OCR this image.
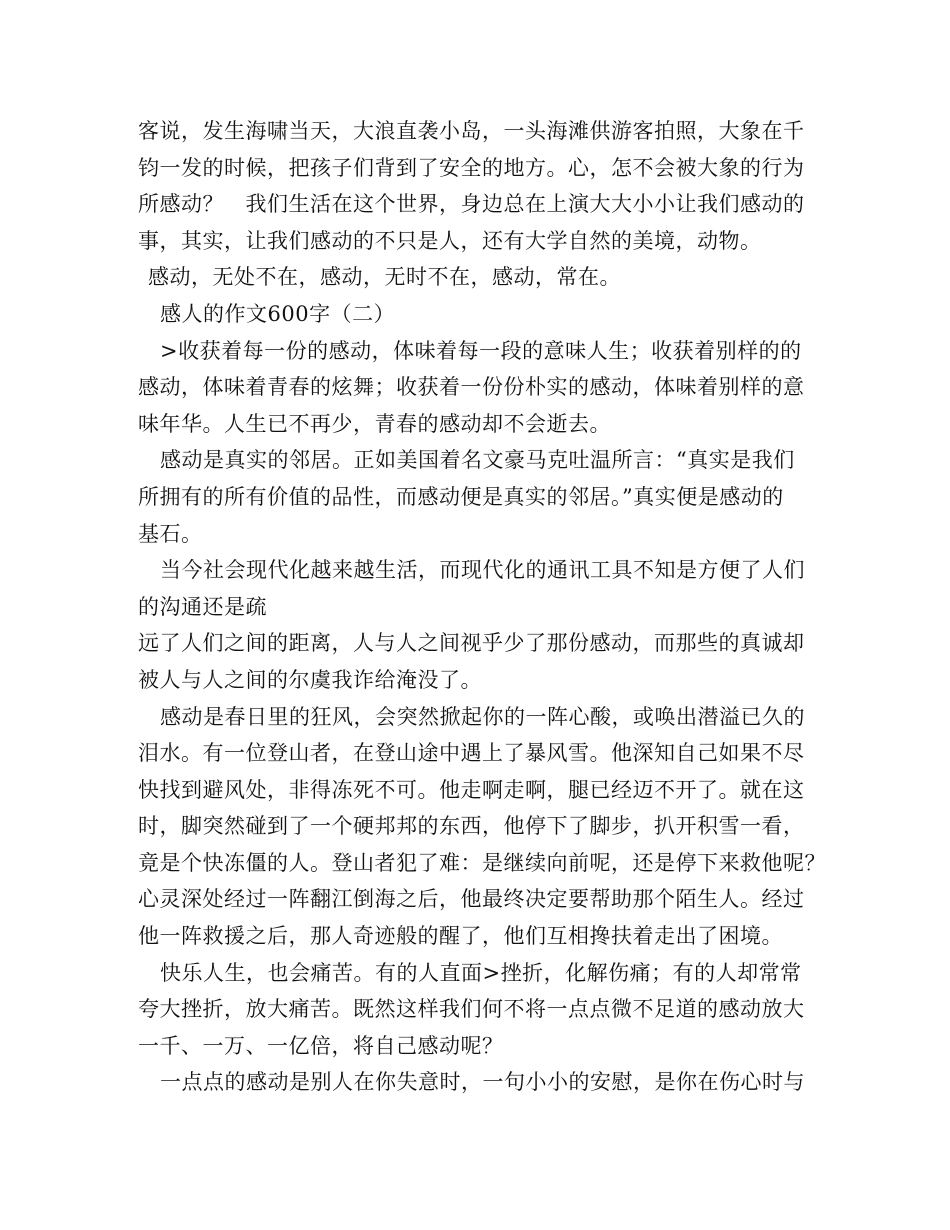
客说，发生海啸当天，大浪直袭小岛，一头海滩供游客拍照，大象在千
钧一发的时候，把孩子们背到了安全的地方。心，怎不会被大象的行为
所感动？　我们生活在这个世界，身边总在上演大大小小让我们感动的
事，其实，让我们感动的不只是人，还有大学自然的美境，动物。
感动，无处不在，感动，无时不在，感动，常在。
感人的作文600字（二）
>收获着每一份的感动，体味着每一段的意味人生；收获着别样的的
感动，体味着青春的炫舞；收获着一份份朴实的感动，体味着别样的意
味年华。人生已不再少，青春的感动却不会逝去。
感动是真实的邻居。正如美国着名文豪马克吐温所言：“真实是我们
所拥有的所有价值的品性，而感动便是真实的邻居。”真实便是感动的
基石。
当今社会现代化越来越生活，而现代化的通讯工具不知是方便了人们
的沟通还是疏
远了人们之间的距离，人与人之间视乎少了那份感动，而那些的真诚却
被人与人之间的尔虞我诈给淹没了。
感动是春日里的狂风，会突然掀起你的一阵心酸，或唤出潜溢已久的
泪水。有一位登山者，在登山途中遇上了暴风雪。他深知自己如果不尽
快找到避风处，非得冻死不可。他走啊走啊，腿已经迈不开了。就在这
时，脚突然碰到了一个硬邦邦的东西，他停下了脚步，扒开积雪一看，
竟是个快冻僵的人。登山者犯了难：是继续向前呢，还是停下来救他呢？
心灵深处经过一阵翻江倒海之后，他最终决定要帮助那个陌生人。经过
他一阵救援之后，那人奇迹般的醒了，他们互相搀扶着走出了困境。
快乐人生，也会痛苦。有的人直面>挫折，化解伤痛；有的人却常常
夸大挫折，放大痛苦。既然这样我们何不将一点点微不足道的感动放大
一千、一万、一亿倍，将自己感动呢？
一点点的感动是别人在你失意时，一句小小的安慰，是你在伤心时与
